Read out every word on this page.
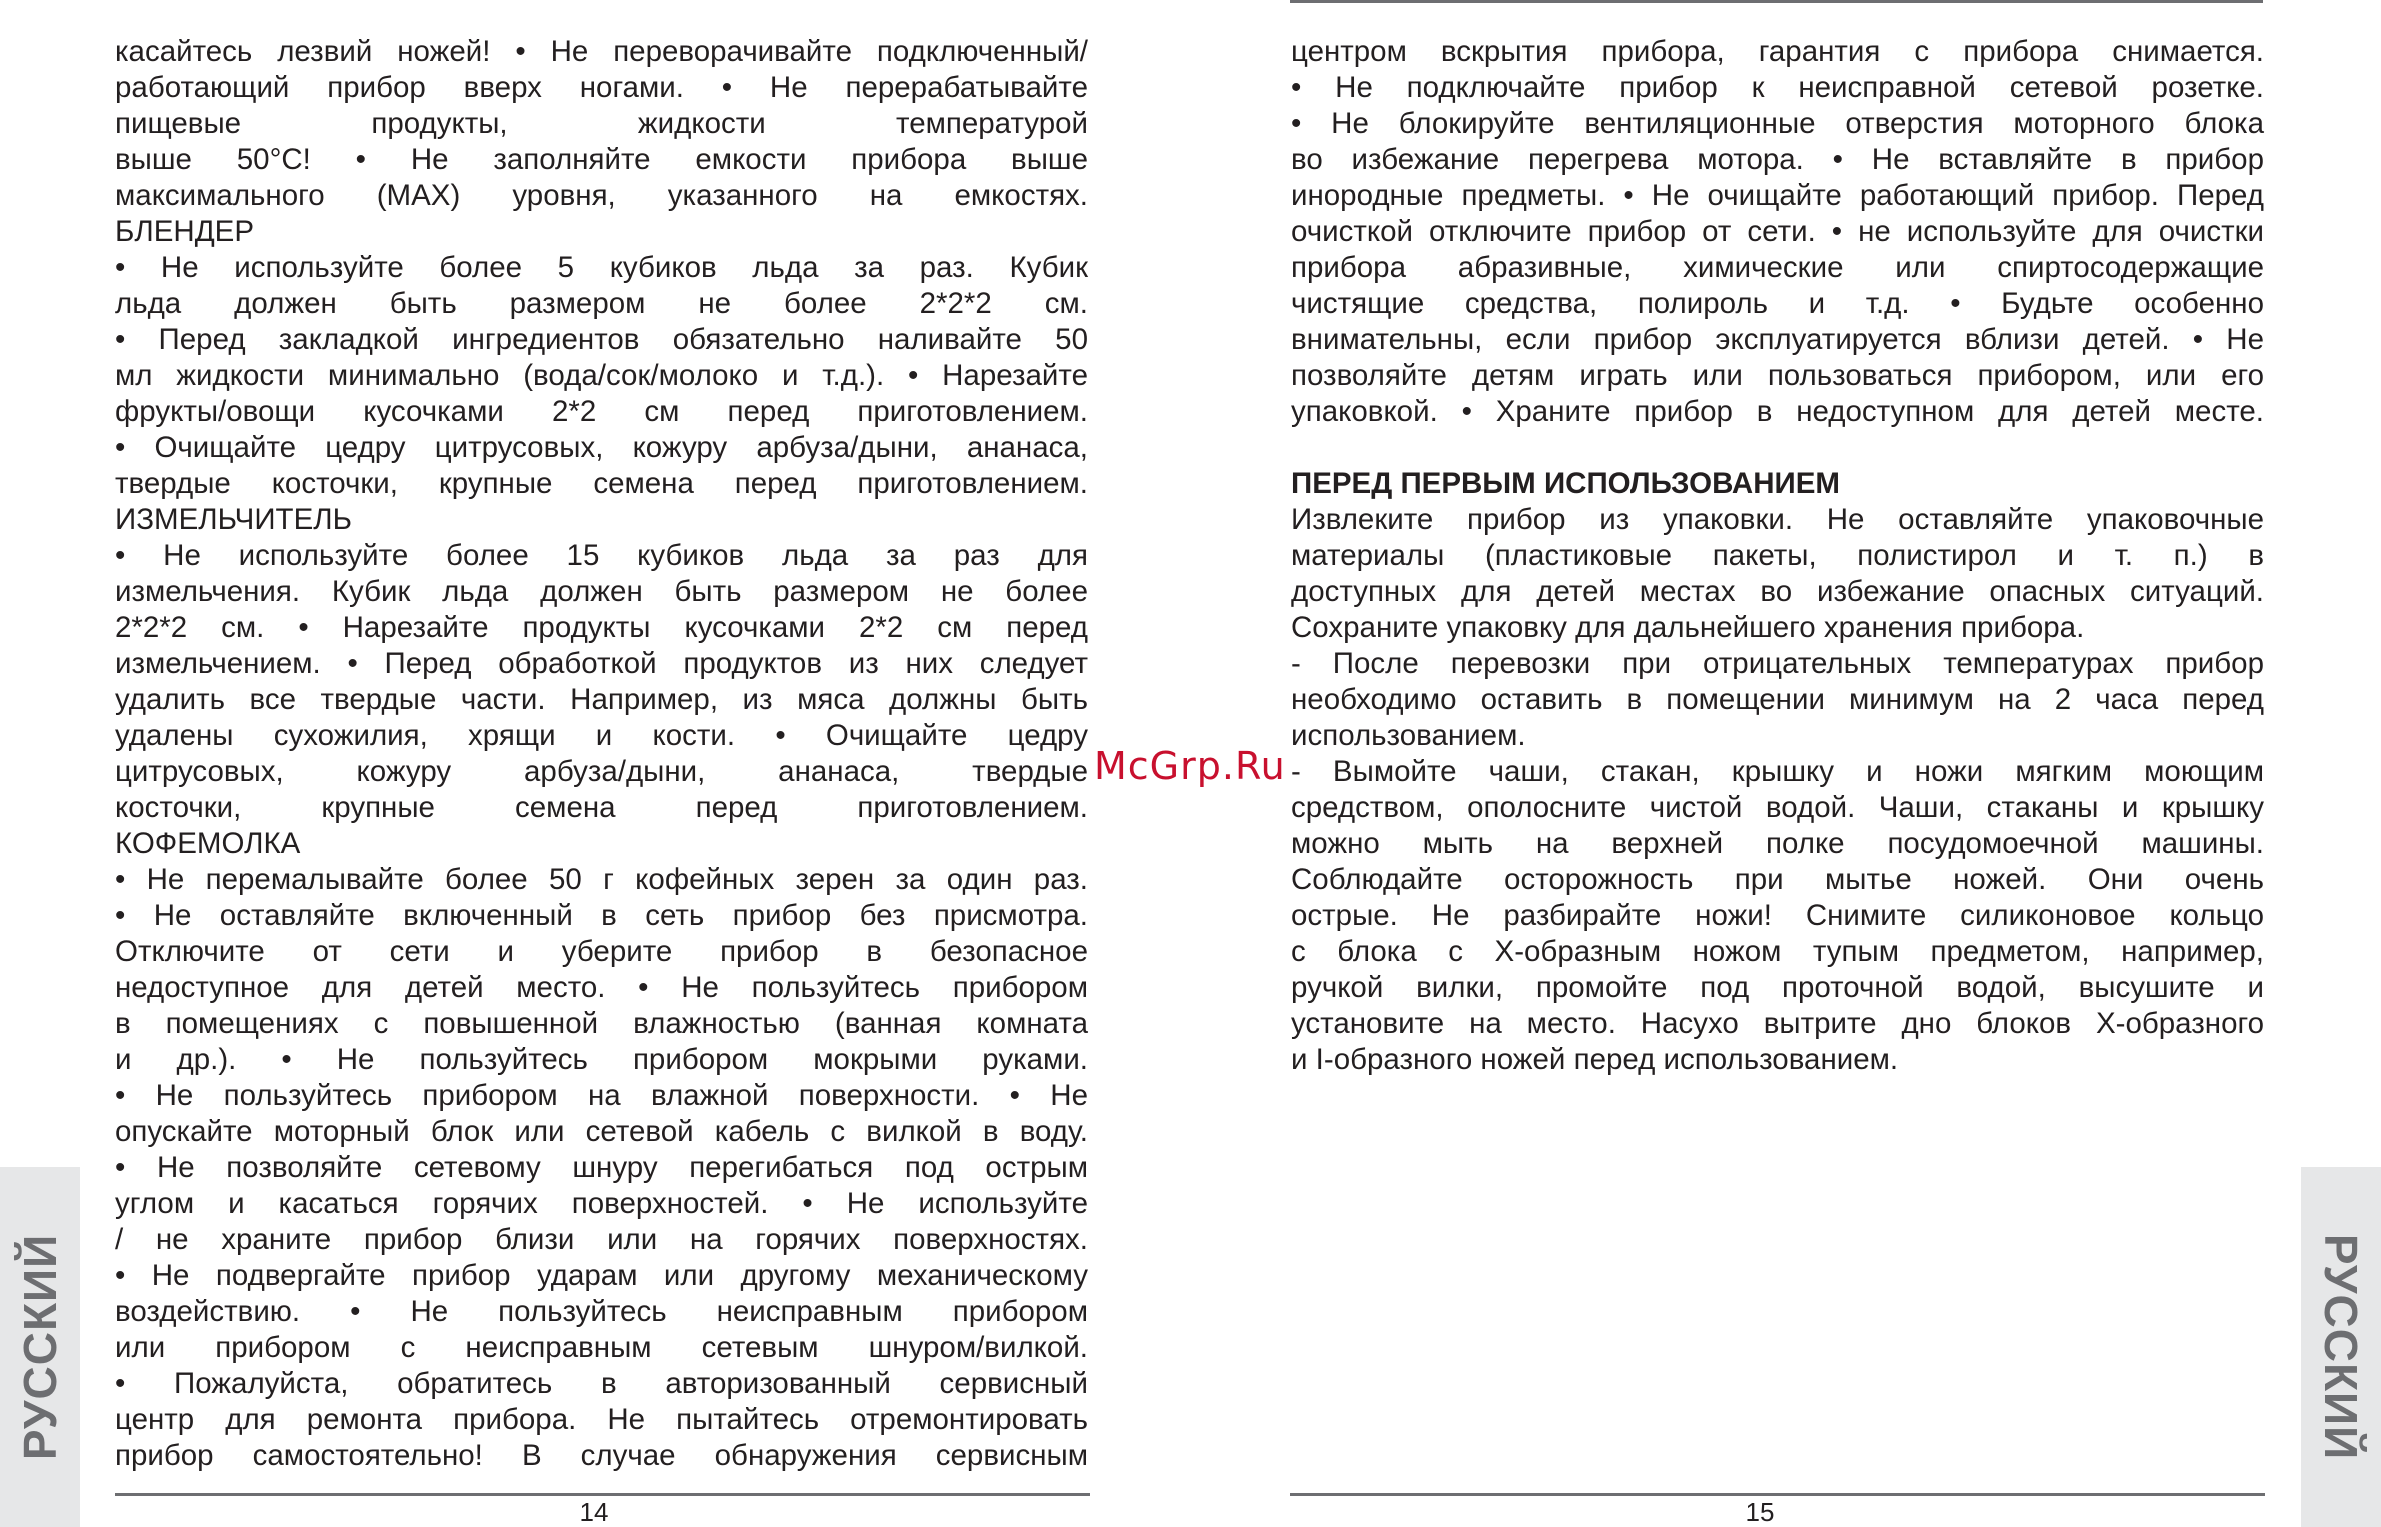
касайтесь лезвий ножей! • Не переворачивайте подключенный/
работающий прибор вверх ногами. • Не перерабатывайте
пищевые продукты, жидкости температурой
выше 50°С! • Не заполняйте емкости прибора выше
максимального (MAX) уровня, указанного на емкостях.
БЛЕНДЕР
• Не используйте более 5 кубиков льда за раз. Кубик
льда должен быть размером не более 2*2*2 см.
• Перед закладкой ингредиентов обязательно наливайте 50
мл жидкости минимально (вода/сок/молоко и т.д.). • Нарезайте
фрукты/овощи кусочками 2*2 см перед приготовлением.
• Очищайте цедру цитрусовых, кожуру арбуза/дыни, ананаса,
твердые косточки, крупные семена перед приготовлением.
ИЗМЕЛЬЧИТЕЛЬ
• Не используйте более 15 кубиков льда за раз для
измельчения. Кубик льда должен быть размером не более
2*2*2 см. • Нарезайте продукты кусочками 2*2 см перед
измельчением. • Перед обработкой продуктов из них следует
удалить все твердые части. Например, из мяса должны быть
удалены сухожилия, хрящи и кости. • Очищайте цедру
цитрусовых, кожуру арбуза/дыни, ананаса, твердые
косточки, крупные семена перед приготовлением.
КОФЕМОЛКА
• Не перемалывайте более 50 г кофейных зерен за один раз.
• Не оставляйте включенный в сеть прибор без присмотра.
Отключите от сети и уберите прибор в безопасное
недоступное для детей место. • Не пользуйтесь прибором
в помещениях с повышенной влажностью (ванная комната
и др.). • Не пользуйтесь прибором мокрыми руками.
• Не пользуйтесь прибором на влажной поверхности. • Не
опускайте моторный блок или сетевой кабель с вилкой в воду.
• Не позволяйте сетевому шнуру перегибаться под острым
углом и касаться горячих поверхностей. • Не используйте
/ не храните прибор близи или на горячих поверхностях.
• Не подвергайте прибор ударам или другому механическому
воздействию. • Не пользуйтесь неисправным прибором
или прибором с неисправным сетевым шнуром/вилкой.
• Пожалуйста, обратитесь в авторизованный сервисный
центр для ремонта прибора. Не пытайтесь отремонтировать
прибор самостоятельно! В случае обнаружения сервисным
центром вскрытия прибора, гарантия с прибора снимается.
• Не подключайте прибор к неисправной сетевой розетке.
• Не блокируйте вентиляционные отверстия моторного блока
во избежание перегрева мотора. • Не вставляйте в прибор
инородные предметы. • Не очищайте работающий прибор. Перед
очисткой отключите прибор от сети. • не используйте для очистки
прибора абразивные, химические или спиртосодержащие
чистящие средства, полироль и т.д. • Будьте особенно
внимательны, если прибор эксплуатируется вблизи детей. • Не
позволяйте детям играть или пользоваться прибором, или его
упаковкой. • Храните прибор в недоступном для детей месте.
ПЕРЕД ПЕРВЫМ ИСПОЛЬЗОВАНИЕМ
Извлеките прибор из упаковки. Не оставляйте упаковочные
материалы (пластиковые пакеты, полистирол и т. п.) в
доступных для детей местах во избежание опасных ситуаций.
Сохраните упаковку для дальнейшего хранения прибора.
- После перевозки при отрицательных температурах прибор
необходимо оставить в помещении минимум на 2 часа перед
использованием.
- Вымойте чаши, стакан, крышку и ножи мягким моющим
средством, ополосните чистой водой. Чаши, стаканы и крышку
можно мыть на верхней полке посудомоечной машины.
Соблюдайте осторожность при мытье ножей. Они очень
острые. Не разбирайте ножи! Снимите силиконовое кольцо
с блока с X-образным ножом тупым предметом, например,
ручкой вилки, промойте под проточной водой, высушите и
установите на место. Насухо вытрите дно блоков X-образного
и I-образного ножей перед использованием.
14	15
РУССКИЙ	РУССКИЙ
McGrp.Ru
